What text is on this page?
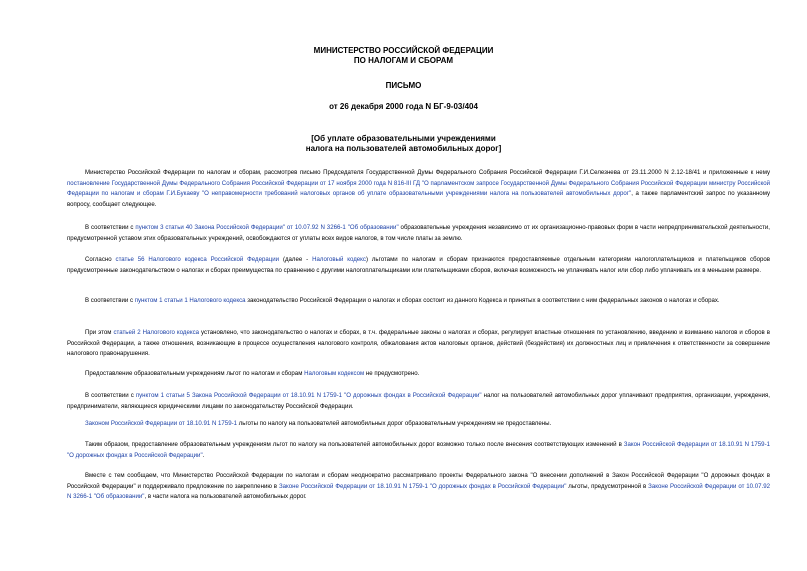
МИНИСТЕРСТВО РОССИЙСКОЙ ФЕДЕРАЦИИ
ПО НАЛОГАМ И СБОРАМ
ПИСЬМО
от 26 декабря 2000 года N БГ-9-03/404
[Об уплате образовательными учреждениями
налога на пользователей автомобильных дорог]

Министерство Российской Федерации по налогам и сборам, рассмотрев письмо Председателя Государственной Думы Федерального Собрания Российской Федерации Г.И.Селезнева от 23.11.2000 N 2.12-18/41 и приложенные к нему постановление Государственной Думы Федерального Собрания Российской Федерации от 17 ноября 2000 года N 816-III ГД "О парламентском запросе Государственной Думы Федерального Собрания Российской Федерации министру Российской Федерации по налогам и сборам Г.И.Букаеву "О неправомерности требований налоговых органов об уплате образовательными учреждениями налога на пользователей автомобильных дорог", а также парламентский запрос по указанному вопросу, сообщает следующее.

В соответствии с пунктом 3 статьи 40 Закона Российской Федерации" от 10.07.92 N 3266-1 "Об образовании" образовательные учреждения независимо от их организационно-правовых форм в части непредпринимательской деятельности, предусмотренной уставом этих образовательных учреждений, освобождаются от уплаты всех видов налогов, в том числе платы за землю.

Согласно статье 56 Налогового кодекса Российской Федерации (далее - Налоговый кодекс) льготами по налогам и сборам признаются предоставляемые отдельным категориям налогоплательщиков и плательщиков сборов предусмотренные законодательством о налогах и сборах преимущества по сравнению с другими налогоплательщиками или плательщиками сборов, включая возможность не уплачивать налог или сбор либо уплачивать их в меньшем размере.

В соответствии с пунктом 1 статьи 1 Налогового кодекса законодательство Российской Федерации о налогах и сборах состоит из данного Кодекса и принятых в соответствии с ним федеральных законов о налогах и сборах.

При этом статьей 2 Налогового кодекса установлено, что законодательство о налогах и сборах, в т.ч. федеральные законы о налогах и сборах, регулирует властные отношения по установлению, введению и взиманию налогов и сборов в Российской Федерации, а также отношения, возникающие в процессе осуществления налогового контроля, обжалования актов налоговых органов, действий (бездействия) их должностных лиц и привлечения к ответственности за совершение налогового правонарушения.

Предоставление образовательным учреждениям льгот по налогам и сборам Налоговым кодексом не предусмотрено.

В соответствии с пунктом 1 статьи 5 Закона Российской Федерации от 18.10.91 N 1759-1 "О дорожных фондах в Российской Федерации" налог на пользователей автомобильных дорог уплачивают предприятия, организации, учреждения, предприниматели, являющиеся юридическими лицами по законодательству Российской Федерации.

Законом Российской Федерации от 18.10.91 N 1759-1 льготы по налогу на пользователей автомобильных дорог образовательным учреждениям не предоставлены.

Таким образом, предоставление образовательным учреждениям льгот по налогу на пользователей автомобильных дорог возможно только после внесения соответствующих изменений в Закон Российской Федерации от 18.10.91 N 1759-1 "О дорожных фондах в Российской Федерации".

Вместе с тем сообщаем, что Министерство Российской Федерации по налогам и сборам неоднократно рассматривало проекты Федерального закона "О внесении дополнений в Закон Российской Федерации "О дорожных фондах в Российской Федерации" и поддерживало предложение по закреплению в Законе Российской Федерации от 18.10.91 N 1759-1 "О дорожных фондах в Российской Федерации" льготы, предусмотренной в Законе Российской Федерации от 10.07.92 N 3266-1 "Об образовании", в части налога на пользователей автомобильных дорог.
